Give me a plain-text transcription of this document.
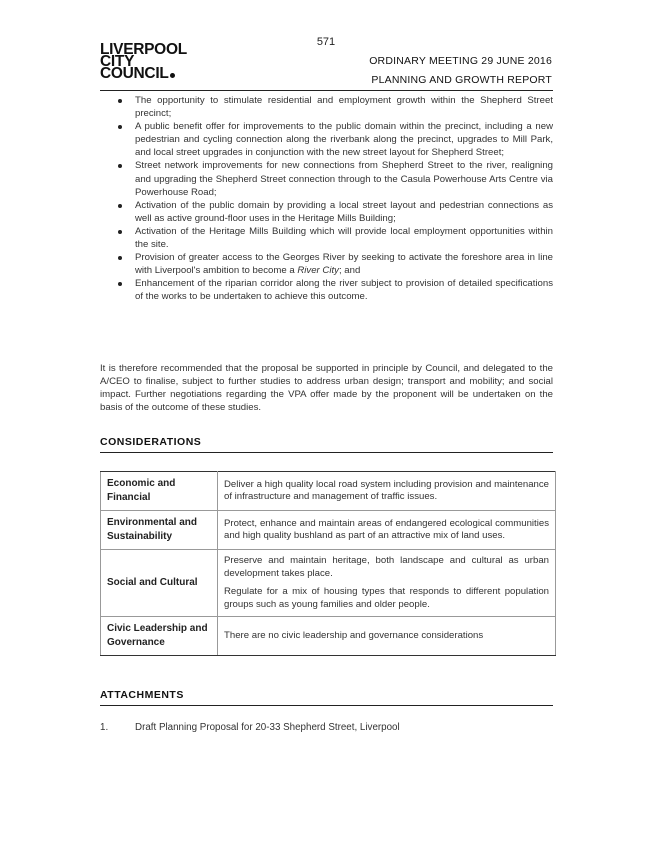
571
LIVERPOOL
CITY
COUNCIL
ORDINARY MEETING 29 JUNE 2016
PLANNING AND GROWTH REPORT
The opportunity to stimulate residential and employment growth within the Shepherd Street precinct;
A public benefit offer for improvements to the public domain within the precinct, including a new pedestrian and cycling connection along the riverbank along the precinct, upgrades to Mill Park, and local street upgrades in conjunction with the new street layout for Shepherd Street;
Street network improvements for new connections from Shepherd Street to the river, realigning and upgrading the Shepherd Street connection through to the Casula Powerhouse Arts Centre via Powerhouse Road;
Activation of the public domain by providing a local street layout and pedestrian connections as well as active ground-floor uses in the Heritage Mills Building;
Activation of the Heritage Mills Building which will provide local employment opportunities within the site.
Provision of greater access to the Georges River by seeking to activate the foreshore area in line with Liverpool's ambition to become a River City; and
Enhancement of the riparian corridor along the river subject to provision of detailed specifications of the works to be undertaken to achieve this outcome.

It is therefore recommended that the proposal be supported in principle by Council, and delegated to the A/CEO to finalise, subject to further studies to address urban design; transport and mobility; and social impact. Further negotiations regarding the VPA offer made by the proponent will be undertaken on the basis of the outcome of these studies.

CONSIDERATIONS
Economic and Financial	Deliver a high quality local road system including provision and maintenance of infrastructure and management of traffic issues.

Environmental and Sustainability	Protect, enhance and maintain areas of endangered ecological communities and high quality bushland as part of an attractive mix of land uses.

Social and Cultural	Preserve and maintain heritage, both landscape and cultural as urban development takes place.

Regulate for a mix of housing types that responds to different population groups such as young families and older people.

Civic Leadership and Governance	There are no civic leadership and governance considerations

ATTACHMENTS
1.	Draft Planning Proposal for 20-33 Shepherd Street, Liverpool
